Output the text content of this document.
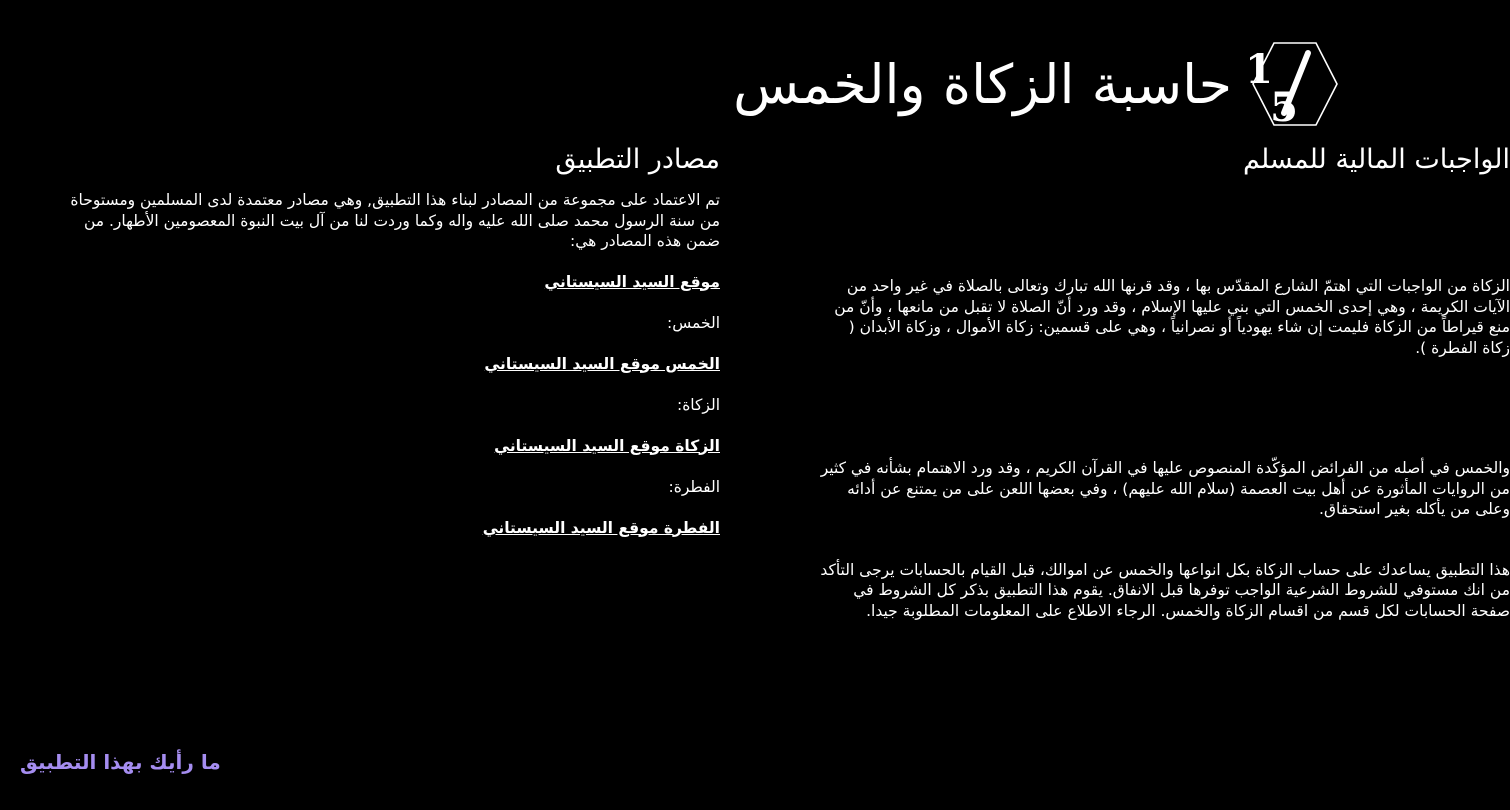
1
5
حاسبة الزكاة والخمس
الواجبات المالية للمسلم

الزكاة من الواجبات التي اهتمّ الشارع المقدّس بها ، وقد قرنها الله تبارك وتعالى بالصلاة في غير واحد من الآيات الكريمة ، وهي إحدى الخمس التي بني عليها الإسلام ، وقد ورد أنّ الصلاة لا تقبل من مانعها ، وأنّ من منع قيراطاً من الزكاة فليمت إن شاء يهودياً أو نصرانياً ، وهي على قسمين: زكاة الأموال ، وزكاة الأبدان ( زكاة الفطرة ).

والخمس في أصله من الفرائض المؤكّدة المنصوص عليها في القرآن الكريم ، وقد ورد الاهتمام بشأنه في كثير من الروايات المأثورة عن أهل بيت العصمة (سلام الله عليهم) ، وفي بعضها اللعن على من يمتنع عن أدائه وعلى من يأكله بغير استحقاق.

هذا التطبيق يساعدك على حساب الزكاة بكل انواعها والخمس عن اموالك، قبل القيام بالحسابات يرجى التأكد من انك مستوفي للشروط الشرعية الواجب توفرها قبل الانفاق. يقوم هذا التطبيق بذكر كل الشروط في صفحة الحسابات لكل قسم من اقسام الزكاة والخمس. الرجاء الاطلاع على المعلومات المطلوبة جيدا.

مصادر التطبيق

تم الاعتماد على مجموعة من المصادر لبناء هذا التطبيق, وهي مصادر معتمدة لدى المسلمين ومستوحاة من سنة الرسول محمد صلى الله عليه واله وكما وردت لنا من آل بيت النبوة المعصومين الأطهار. من ضمن هذه المصادر هي:

موقع السيد السيستاني
الخمس:
الخمس موقع السيد السيستاني
الزكاة:
الزكاة موقع السيد السيستاني
الفطرة:
الفطرة موقع السيد السيستاني
ما رأيك بهذا التطبيق
